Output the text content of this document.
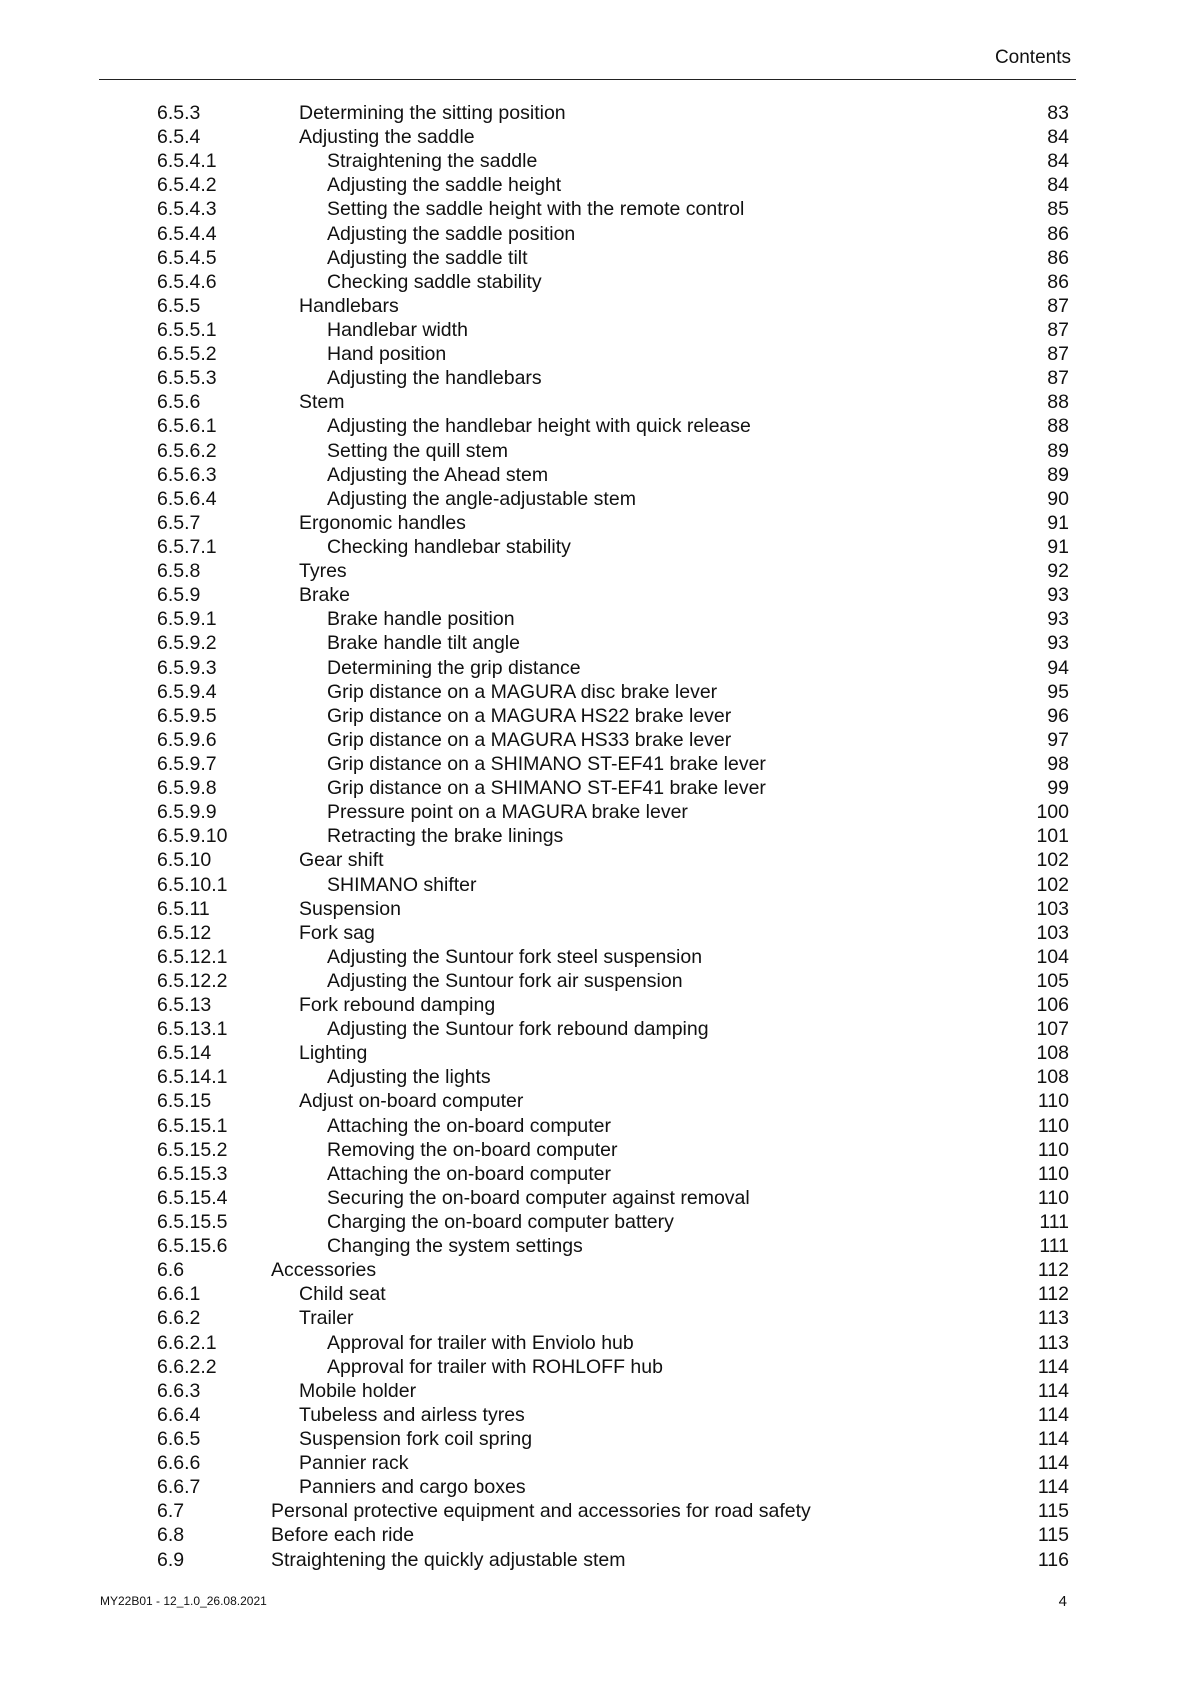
Contents
6.5.3	Determining the sitting position	83
6.5.4	Adjusting the saddle	84
6.5.4.1	Straightening the saddle	84
6.5.4.2	Adjusting the saddle height	84
6.5.4.3	Setting the saddle height with the remote control	85
6.5.4.4	Adjusting the saddle position	86
6.5.4.5	Adjusting the saddle tilt	86
6.5.4.6	Checking saddle stability	86
6.5.5	Handlebars	87
6.5.5.1	Handlebar width	87
6.5.5.2	Hand position	87
6.5.5.3	Adjusting the handlebars	87
6.5.6	Stem	88
6.5.6.1	Adjusting the handlebar height with quick release	88
6.5.6.2	Setting the quill stem	89
6.5.6.3	Adjusting the Ahead stem	89
6.5.6.4	Adjusting the angle-adjustable stem	90
6.5.7	Ergonomic handles	91
6.5.7.1	Checking handlebar stability	91
6.5.8	Tyres	92
6.5.9	Brake	93
6.5.9.1	Brake handle position	93
6.5.9.2	Brake handle tilt angle	93
6.5.9.3	Determining the grip distance	94
6.5.9.4	Grip distance on a MAGURA disc brake lever	95
6.5.9.5	Grip distance on a MAGURA HS22 brake lever	96
6.5.9.6	Grip distance on a MAGURA HS33 brake lever	97
6.5.9.7	Grip distance on a SHIMANO ST-EF41 brake lever	98
6.5.9.8	Grip distance on a SHIMANO ST-EF41 brake lever	99
6.5.9.9	Pressure point on a MAGURA brake lever	100
6.5.9.10	Retracting the brake linings	101
6.5.10	Gear shift	102
6.5.10.1	SHIMANO shifter	102
6.5.11	Suspension	103
6.5.12	Fork sag	103
6.5.12.1	Adjusting the Suntour fork steel suspension	104
6.5.12.2	Adjusting the Suntour fork air suspension	105
6.5.13	Fork rebound damping	106
6.5.13.1	Adjusting the Suntour fork rebound damping	107
6.5.14	Lighting	108
6.5.14.1	Adjusting the lights	108
6.5.15	Adjust on-board computer	110
6.5.15.1	Attaching the on-board computer	110
6.5.15.2	Removing the on-board computer	110
6.5.15.3	Attaching the on-board computer	110
6.5.15.4	Securing the on-board computer against removal	110
6.5.15.5	Charging the on-board computer battery	111
6.5.15.6	Changing the system settings	111
6.6	Accessories	112
6.6.1	Child seat	112
6.6.2	Trailer	113
6.6.2.1	Approval for trailer with Enviolo hub	113
6.6.2.2	Approval for trailer with ROHLOFF hub	114
6.6.3	Mobile holder	114
6.6.4	Tubeless and airless tyres	114
6.6.5	Suspension fork coil spring	114
6.6.6	Pannier rack	114
6.6.7	Panniers and cargo boxes	114
6.7	Personal protective equipment and accessories for road safety	115
6.8	Before each ride	115
6.9	Straightening the quickly adjustable stem	116
MY22B01 - 12_1.0_26.08.2021	4
